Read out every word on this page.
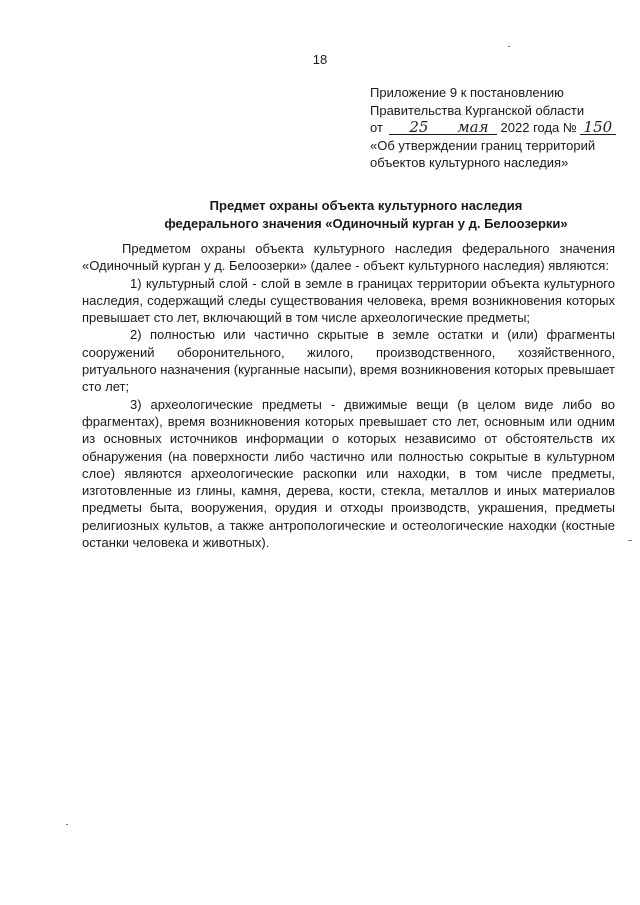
18
Приложение 9 к постановлению
Правительства Курганской области
от 25 мая 2022 года № 150
«Об утверждении границ территорий
объектов культурного наследия»
Предмет охраны объекта культурного наследия
федерального значения «Одиночный курган у д. Белоозерки»

Предметом охраны объекта культурного наследия федерального значения «Одиночный курган у д. Белоозерки» (далее - объект культурного наследия) являются:

1) культурный слой - слой в земле в границах территории объекта культурного наследия, содержащий следы существования человека, время возникновения которых превышает сто лет, включающий в том числе археологические предметы;

2) полностью или частично скрытые в земле остатки и (или) фрагменты сооружений оборонительного, жилого, производственного, хозяйственного, ритуального назначения (курганные насыпи), время возникновения которых превышает сто лет;

3) археологические предметы - движимые вещи (в целом виде либо во фрагментах), время возникновения которых превышает сто лет, основным или одним из основных источников информации о которых независимо от обстоятельств их обнаружения (на поверхности либо частично или полностью сокрытые в культурном слое) являются археологические раскопки или находки, в том числе предметы, изготовленные из глины, камня, дерева, кости, стекла, металлов и иных материалов предметы быта, вооружения, орудия и отходы производств, украшения, предметы религиозных культов, а также антропологические и остеологические находки (костные останки человека и животных).
